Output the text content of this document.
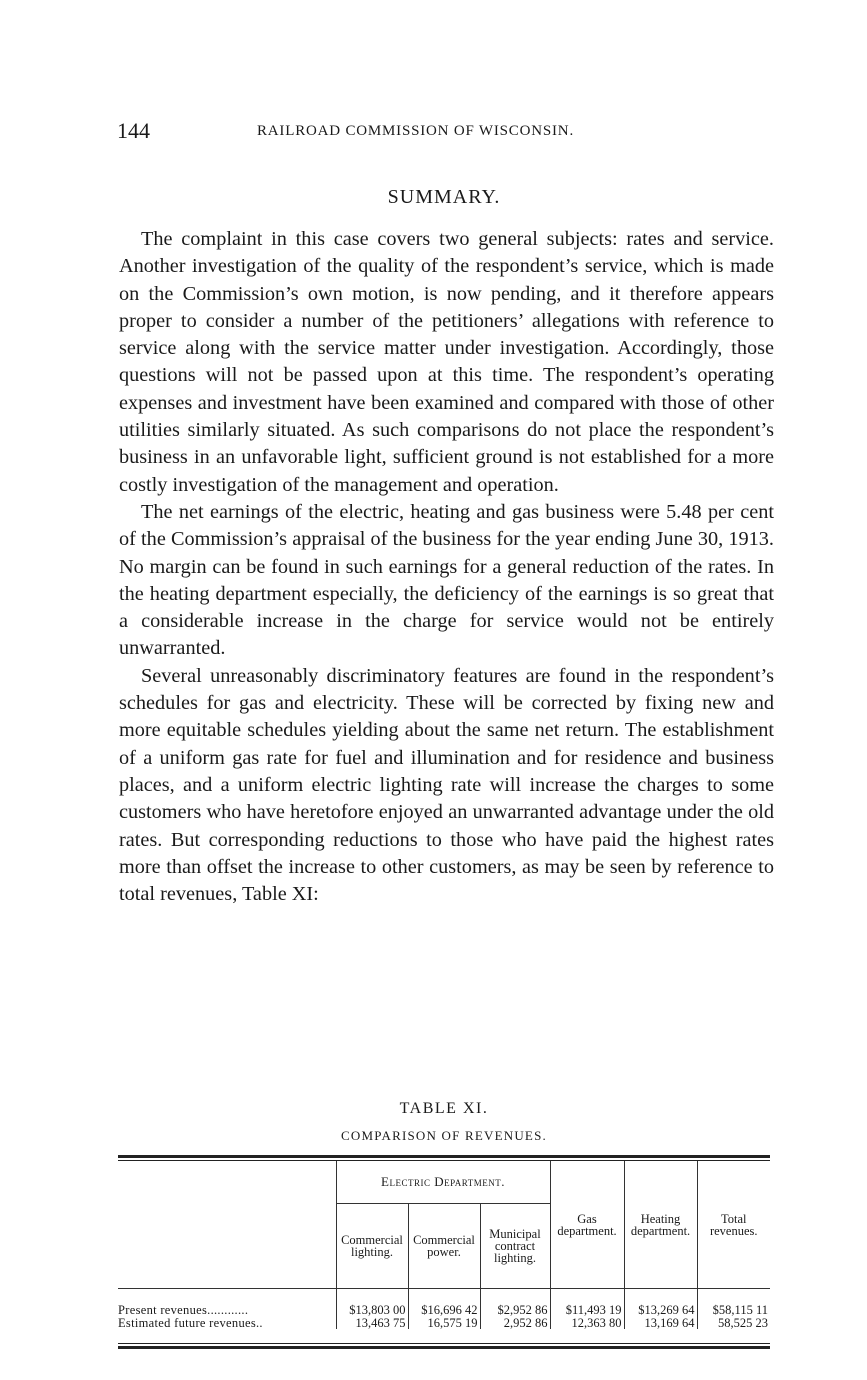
144	RAILROAD COMMISSION OF WISCONSIN.
SUMMARY.

The complaint in this case covers two general subjects: rates and service. Another investigation of the quality of the respondent’s service, which is made on the Commission’s own motion, is now pending, and it therefore appears proper to consider a number of the petitioners’ allegations with reference to service along with the service matter under investigation. Accordingly, those questions will not be passed upon at this time. The respondent’s operating expenses and investment have been examined and compared with those of other utilities similarly situated. As such comparisons do not place the respondent’s business in an unfavorable light, sufficient ground is not established for a more costly investigation of the management and operation.

The net earnings of the electric, heating and gas business were 5.48 per cent of the Commission’s appraisal of the business for the year ending June 30, 1913. No margin can be found in such earnings for a general reduction of the rates. In the heating department especially, the deficiency of the earnings is so great that a considerable increase in the charge for service would not be entirely unwarranted.

Several unreasonably discriminatory features are found in the respondent’s schedules for gas and electricity. These will be corrected by fixing new and more equitable schedules yielding about the same net return. The establishment of a uniform gas rate for fuel and illumination and for residence and business places, and a uniform electric lighting rate will increase the charges to some customers who have heretofore enjoyed an unwarranted advantage under the old rates. But corresponding reductions to those who have paid the highest rates more than offset the increase to other customers, as may be seen by reference to total revenues, Table XI:

TABLE XI.
COMPARISON OF REVENUES.
	Electric Department.			Gas department.	Heating department.	Total revenues.
	Commercial lighting.	Commercial power.	Municipal contract lighting.			

Present revenues............	$13,803 00	$16,696 42	$2,952 86	$11,493 19	$13,269 64	$58,115 11
Estimated future revenues..	13,463 75	16,575 19	2,952 86	12,363 80	13,169 64	58,525 23
